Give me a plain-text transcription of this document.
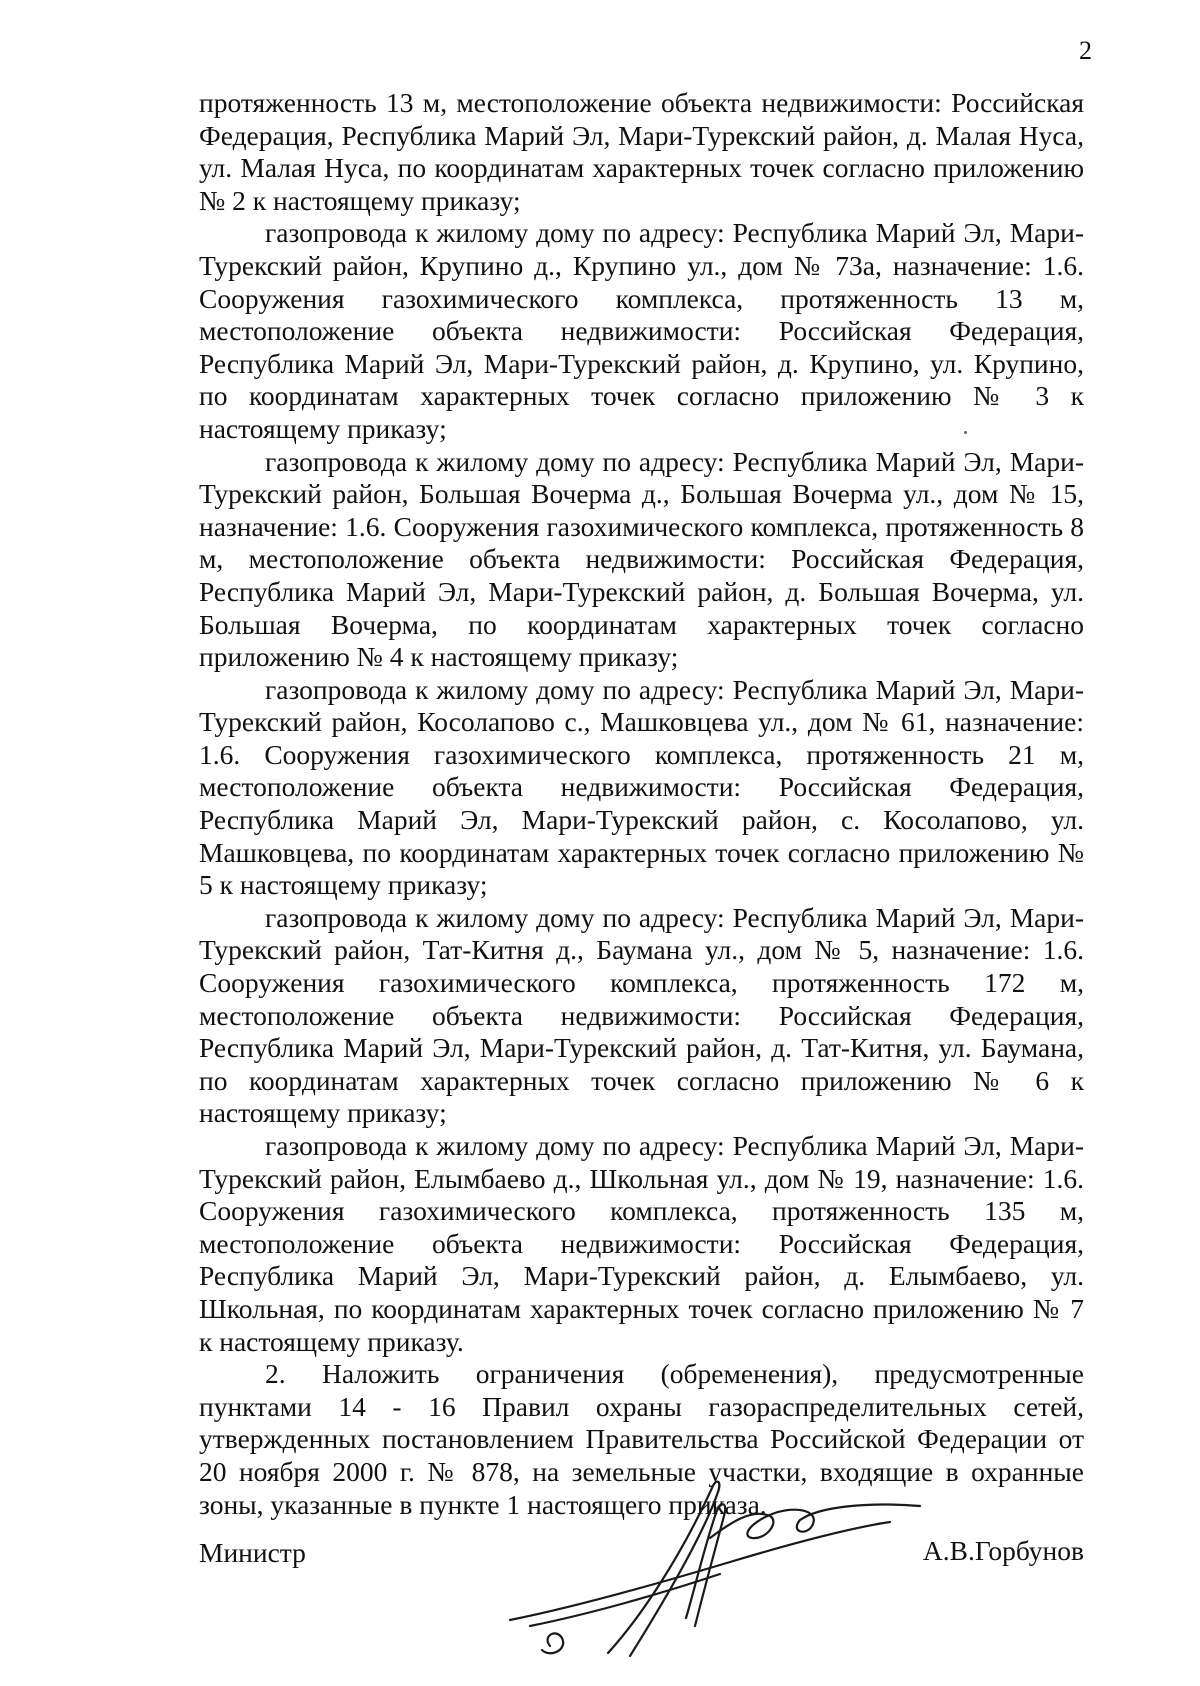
2

протяженность 13 м, местоположение объекта недвижимости: Российская Федерация, Республика Марий Эл, Мари-Турекский район, д. Малая Нуса, ул. Малая Нуса, по координатам характерных точек согласно приложению № 2 к настоящему приказу;

газопровода к жилому дому по адресу: Республика Марий Эл, Мари-Турекский район, Крупино д., Крупино ул., дом № 73а, назначение: 1.6. Сооружения газохимического комплекса, протяженность 13 м, местоположение объекта недвижимости: Российская Федерация, Республика Марий Эл, Мари-Турекский район, д. Крупино, ул. Крупино, по координатам характерных точек согласно приложению № 3 к настоящему приказу;

газопровода к жилому дому по адресу: Республика Марий Эл, Мари-Турекский район, Большая Вочерма д., Большая Вочерма ул., дом № 15, назначение: 1.6. Сооружения газохимического комплекса, протяженность 8 м, местоположение объекта недвижимости: Российская Федерация, Республика Марий Эл, Мари-Турекский район, д. Большая Вочерма, ул. Большая Вочерма, по координатам характерных точек согласно приложению № 4 к настоящему приказу;

газопровода к жилому дому по адресу: Республика Марий Эл, Мари-Турекский район, Косолапово с., Машковцева ул., дом № 61, назначение: 1.6. Сооружения газохимического комплекса, протяженность 21 м, местоположение объекта недвижимости: Российская Федерация, Республика Марий Эл, Мари-Турекский район, с. Косолапово, ул. Машковцева, по координатам характерных точек согласно приложению № 5 к настоящему приказу;

газопровода к жилому дому по адресу: Республика Марий Эл, Мари-Турекский район, Тат-Китня д., Баумана ул., дом № 5, назначение: 1.6. Сооружения газохимического комплекса, протяженность 172 м, местоположение объекта недвижимости: Российская Федерация, Республика Марий Эл, Мари-Турекский район, д. Тат-Китня, ул. Баумана, по координатам характерных точек согласно приложению № 6 к настоящему приказу;

газопровода к жилому дому по адресу: Республика Марий Эл, Мари-Турекский район, Елымбаево д., Школьная ул., дом № 19, назначение: 1.6. Сооружения газохимического комплекса, протяженность 135 м, местоположение объекта недвижимости: Российская Федерация, Республика Марий Эл, Мари-Турекский район, д. Елымбаево, ул. Школьная, по координатам характерных точек согласно приложению № 7 к настоящему приказу.

2. Наложить ограничения (обременения), предусмотренные пунктами 14 - 16 Правил охраны газораспределительных сетей, утвержденных постановлением Правительства Российской Федерации от 20 ноября 2000 г. № 878, на земельные участки, входящие в охранные зоны, указанные в пункте 1 настоящего приказа.

Министр	А.В.Горбунов
